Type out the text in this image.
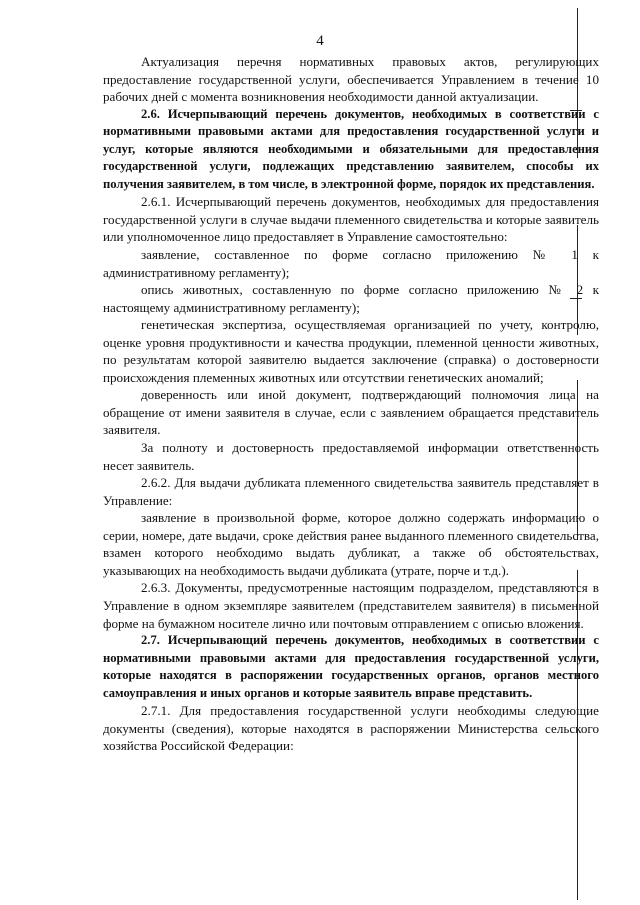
4

Актуализация перечня нормативных правовых актов, регулирующих предоставление государственной услуги, обеспечивается Управлением в течение 10 рабочих дней с момента возникновения необходимости данной актуализации.

2.6. Исчерпывающий перечень документов, необходимых в соответствии с нормативными правовыми актами для предоставления государственной услуги и услуг, которые являются необходимыми и обязательными для предоставления государственной услуги, подлежащих представлению заявителем, способы их получения заявителем, в том числе, в электронной форме, порядок их представления.

2.6.1. Исчерпывающий перечень документов, необходимых для предоставления государственной услуги в случае выдачи племенного свидетельства и которые заявитель или уполномоченное лицо предоставляет в Управление самостоятельно:

заявление, составленное по форме согласно приложению № 1 к административному регламенту);

опись животных, составленную по форме согласно приложению № 2 к настоящему административному регламенту);

генетическая экспертиза, осуществляемая организацией по учету, контролю, оценке уровня продуктивности и качества продукции, племенной ценности животных, по результатам которой заявителю выдается заключение (справка) о достоверности происхождения племенных животных или отсутствии генетических аномалий;

доверенность или иной документ, подтверждающий полномочия лица на обращение от имени заявителя в случае, если с заявлением обращается представитель заявителя.

За полноту и достоверность предоставляемой информации ответственность несет заявитель.

2.6.2. Для выдачи дубликата племенного свидетельства заявитель представляет в Управление:

заявление в произвольной форме, которое должно содержать информацию о серии, номере, дате выдачи, сроке действия ранее выданного племенного свидетельства, взамен которого необходимо выдать дубликат, а также об обстоятельствах, указывающих на необходимость выдачи дубликата (утрате, порче и т.д.).

2.6.3. Документы, предусмотренные настоящим подразделом, представляются в Управление в одном экземпляре заявителем (представителем заявителя) в письменной форме на бумажном носителе лично или почтовым отправлением с описью вложения.

2.7. Исчерпывающий перечень документов, необходимых в соответствии с нормативными правовыми актами для предоставления государственной услуги, которые находятся в распоряжении государственных органов, органов местного самоуправления и иных органов и которые заявитель вправе представить.

2.7.1. Для предоставления государственной услуги необходимы следующие документы (сведения), которые находятся в распоряжении Министерства сельского хозяйства Российской Федерации:
